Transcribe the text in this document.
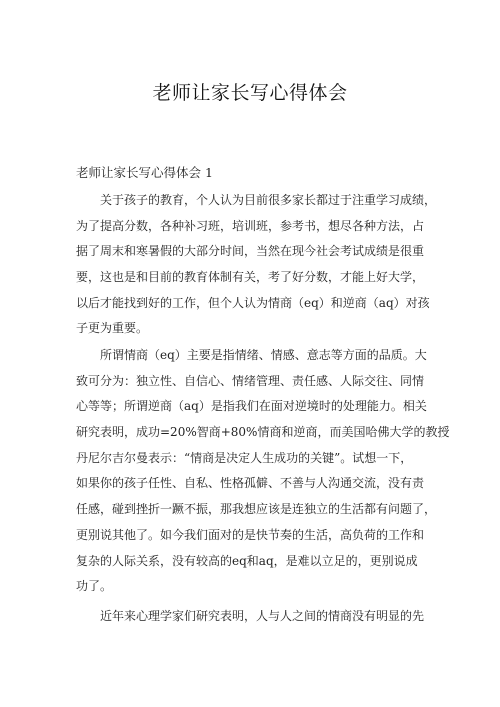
老师让家长写心得体会
老师让家长写心得体会 1
关于孩子的教育，个人认为目前很多家长都过于注重学习成绩，
为了提高分数，各种补习班，培训班，参考书，想尽各种方法，占
据了周末和寒暑假的大部分时间，当然在现今社会考试成绩是很重
要，这也是和目前的教育体制有关，考了好分数，才能上好大学，
以后才能找到好的工作，但个人认为情商（eq）和逆商（aq）对孩
子更为重要。
所谓情商（eq）主要是指情绪、情感、意志等方面的品质。大
致可分为：独立性、自信心、情绪管理、责任感、人际交往、同情
心等等；所谓逆商（aq）是指我们在面对逆境时的处理能力。相关
研究表明，成功=20%智商+80%情商和逆商，而美国哈佛大学的教授
丹尼尔吉尔曼表示：“情商是决定人生成功的关键”。试想一下，
如果你的孩子任性、自私、性格孤僻、不善与人沟通交流，没有责
任感，碰到挫折一蹶不振，那我想应该是连独立的生活都有问题了，
更别说其他了。如今我们面对的是快节奏的生活，高负荷的工作和
复杂的人际关系，没有较高的eq和aq，是难以立足的，更别说成
功了。
近年来心理学家们研究表明，人与人之间的情商没有明显的先
